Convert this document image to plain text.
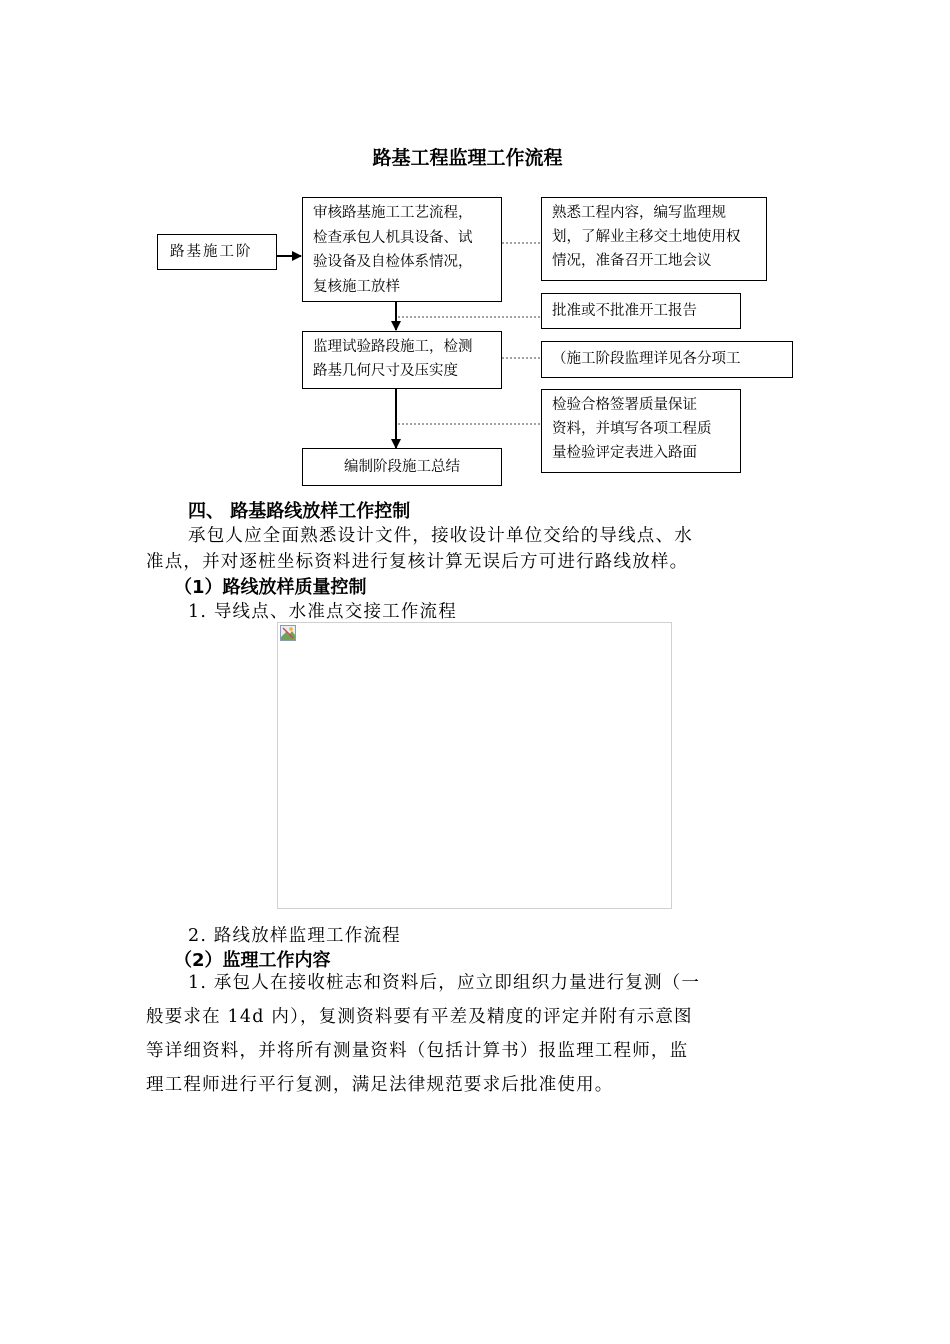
路基工程监理工作流程
路基施工阶
审核路基施工工艺流程，
检查承包人机具设备、试
验设备及自检体系情况，
复核施工放样
监理试验路段施工，检测
路基几何尺寸及压实度
编制阶段施工总结
熟悉工程内容，编写监理规
划，了解业主移交土地使用权
情况，准备召开工地会议
批准或不批准开工报告
（施工阶段监理详见各分项工
检验合格签署质量保证
资料，并填写各项工程质
量检验评定表进入路面
四、 路基路线放样工作控制
承包人应全面熟悉设计文件，接收设计单位交给的导线点、水
准点，并对逐桩坐标资料进行复核计算无误后方可进行路线放样。
（1）路线放样质量控制
1. 导线点、水准点交接工作流程
2. 路线放样监理工作流程
（2）监理工作内容
1. 承包人在接收桩志和资料后，应立即组织力量进行复测（一
般要求在 14d 内），复测资料要有平差及精度的评定并附有示意图
等详细资料，并将所有测量资料（包括计算书）报监理工程师，监
理工程师进行平行复测，满足法律规范要求后批准使用。
